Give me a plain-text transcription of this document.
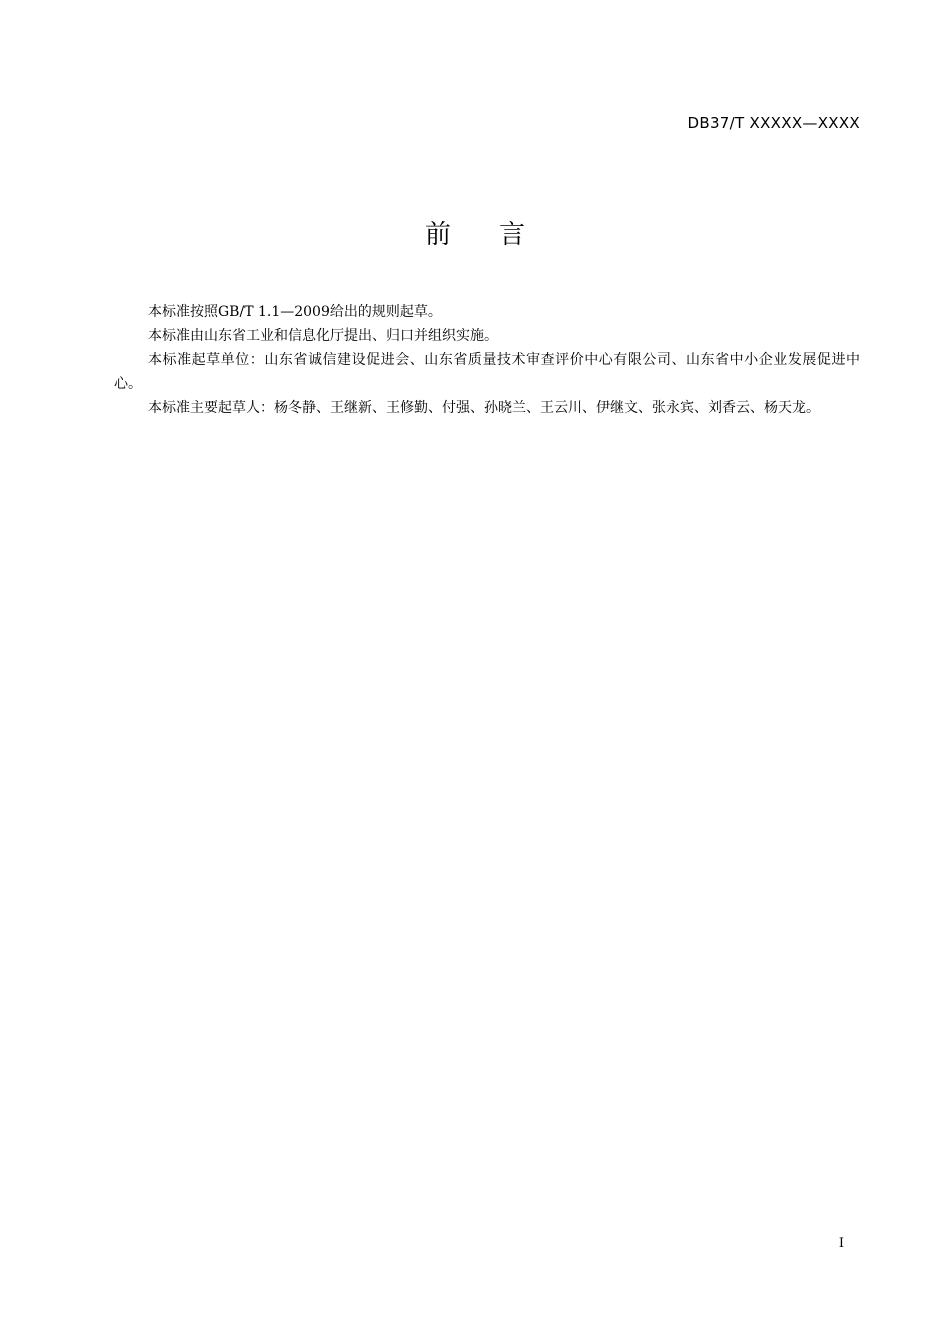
DB37/T XXXXX—XXXX
前言

本标准按照GB/T 1.1—2009给出的规则起草。

本标准由山东省工业和信息化厅提出、归口并组织实施。

本标准起草单位：山东省诚信建设促进会、山东省质量技术审查评价中心有限公司、山东省中小企业发展促进中心。

本标准主要起草人：杨冬静、王继新、王修勤、付强、孙晓兰、王云川、伊继文、张永宾、刘香云、杨天龙。

I
